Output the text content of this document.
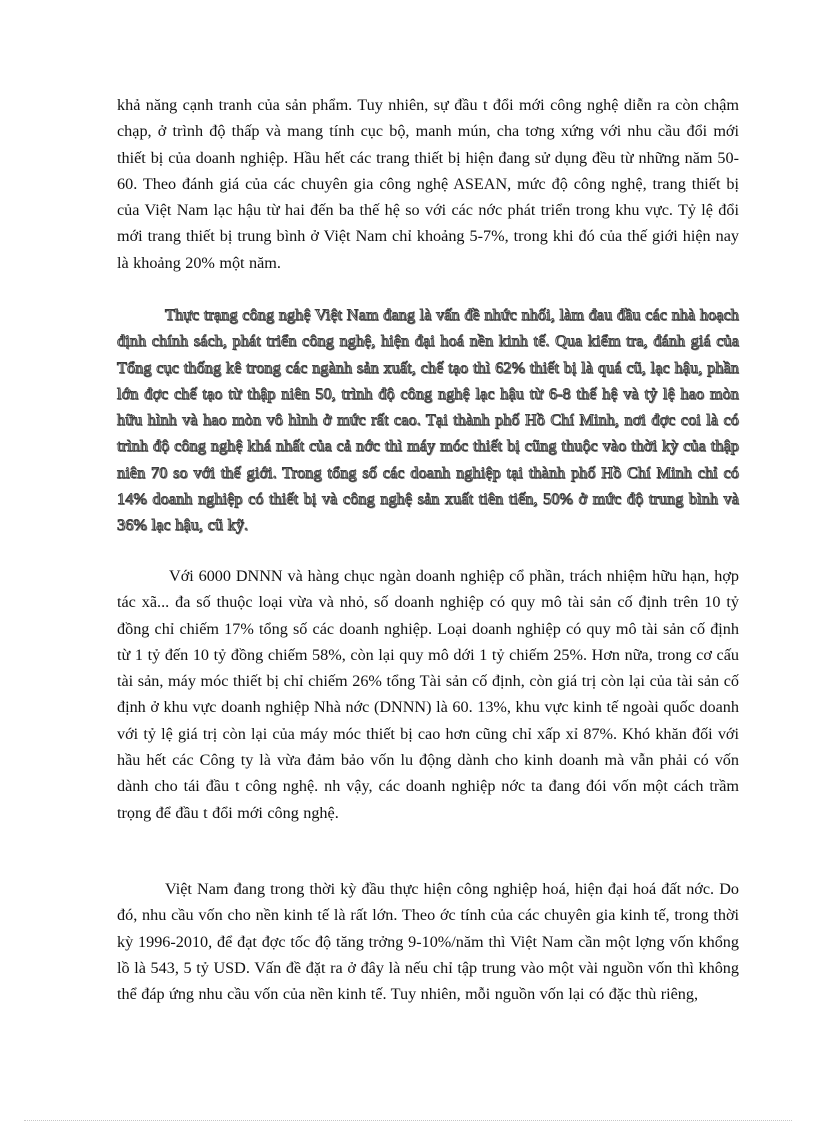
khả năng cạnh tranh của sản phẩm. Tuy nhiên, sự đầu t đổi mới công nghệ diễn ra còn chậm chạp, ở trình độ thấp và mang tính cục bộ, manh mún, cha tơng xứng với nhu cầu đổi mới thiết bị của doanh nghiệp. Hầu hết các trang thiết bị hiện đang sử dụng đều từ những năm 50-60. Theo đánh giá của các chuyên gia công nghệ ASEAN, mức độ công nghệ, trang thiết bị của Việt Nam lạc hậu từ hai đến ba thế hệ so với các nớc phát triển trong khu vực. Tỷ lệ đổi mới trang thiết bị trung bình ở Việt Nam chỉ khoảng 5-7%, trong khi đó của thế giới hiện nay là khoảng 20% một năm.

Thực trạng công nghệ Việt Nam đang là vấn đề nhức nhối, làm đau đầu các nhà hoạch định chính sách, phát triển công nghệ, hiện đại hoá nền kinh tế. Qua kiểm tra, đánh giá của Tổng cục thống kê trong các ngành sản xuất, chế tạo thì 62% thiết bị là quá cũ, lạc hậu, phần lớn đợc chế tạo từ thập niên 50, trình độ công nghệ lạc hậu từ 6-8 thế hệ và tỷ lệ hao mòn hữu hình và hao mòn vô hình ở mức rất cao. Tại thành phố Hồ Chí Minh, nơi đợc coi là có trình độ công nghệ khá nhất của cả nớc thì máy móc thiết bị cũng thuộc vào thời kỳ của thập niên 70 so với thế giới. Trong tổng số các doanh nghiệp tại thành phố Hồ Chí Minh chỉ có 14% doanh nghiệp có thiết bị và công nghệ sản xuất tiên tiến, 50% ở mức độ trung bình và 36% lạc hậu, cũ kỹ.

Với 6000 DNNN và hàng chục ngàn doanh nghiệp cổ phần, trách nhiệm hữu hạn, hợp tác xã... đa số thuộc loại vừa và nhỏ, số doanh nghiệp có quy mô tài sản cố định trên 10 tỷ đồng chỉ chiếm 17% tổng số các doanh nghiệp. Loại doanh nghiệp có quy mô tài sản cố định từ 1 tỷ đến 10 tỷ đồng chiếm 58%, còn lại quy mô dới 1 tỷ chiếm 25%. Hơn nữa, trong cơ cấu tài sản, máy móc thiết bị chỉ chiếm 26% tổng Tài sản cố định, còn giá trị còn lại của tài sản cố định ở khu vực doanh nghiệp Nhà nớc (DNNN) là 60. 13%, khu vực kinh tế ngoài quốc doanh với tỷ lệ giá trị còn lại của máy móc thiết bị cao hơn cũng chỉ xấp xỉ 87%. Khó khăn đối với hầu hết các Công ty là vừa đảm bảo vốn lu động dành cho kinh doanh mà vẫn phải có vốn dành cho tái đầu t công nghệ. nh vậy, các doanh nghiệp nớc ta đang đói vốn một cách trầm trọng để đầu t đổi mới công nghệ.

Việt Nam đang trong thời kỳ đầu thực hiện công nghiệp hoá, hiện đại hoá đất nớc. Do đó, nhu cầu vốn cho nền kinh tế là rất lớn. Theo ớc tính của các chuyên gia kinh tế, trong thời kỳ 1996-2010, để đạt đợc tốc độ tăng trởng 9-10%/năm thì Việt Nam cần một lợng vốn khổng lồ là 543, 5 tỷ USD. Vấn đề đặt ra ở đây là nếu chỉ tập trung vào một vài nguồn vốn thì không thể đáp ứng nhu cầu vốn của nền kinh tế. Tuy nhiên, mỗi nguồn vốn lại có đặc thù riêng,
